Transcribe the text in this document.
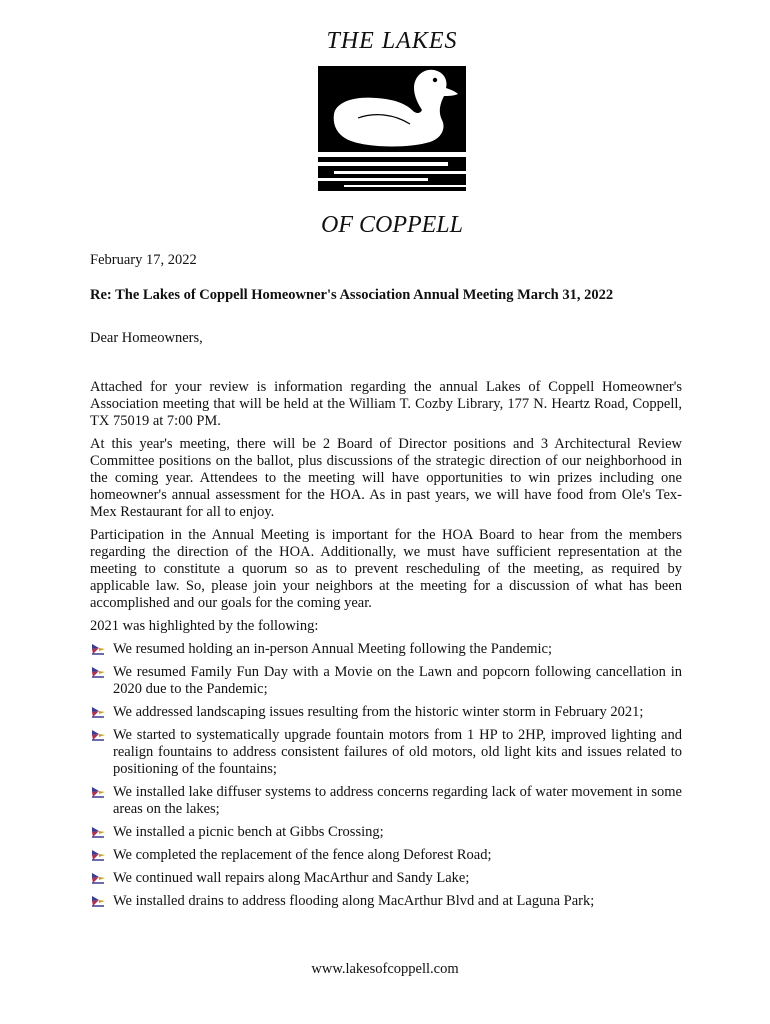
THE LAKES
OF COPPELL
February 17, 2022
Re: The Lakes of Coppell Homeowner's Association Annual Meeting March 31, 2022
Dear Homeowners,

Attached for your review is information regarding the annual Lakes of Coppell Homeowner's Association meeting that will be held at the William T. Cozby Library, 177 N. Heartz Road, Coppell, TX 75019 at 7:00 PM.

At this year's meeting, there will be 2 Board of Director positions and 3 Architectural Review Committee positions on the ballot, plus discussions of the strategic direction of our neighborhood in the coming year. Attendees to the meeting will have opportunities to win prizes including one homeowner's annual assessment for the HOA. As in past years, we will have food from Ole's Tex-Mex Restaurant for all to enjoy.

Participation in the Annual Meeting is important for the HOA Board to hear from the members regarding the direction of the HOA. Additionally, we must have sufficient representation at the meeting to constitute a quorum so as to prevent rescheduling of the meeting, as required by applicable law. So, please join your neighbors at the meeting for a discussion of what has been accomplished and our goals for the coming year.

2021 was highlighted by the following:

We resumed holding an in-person Annual Meeting following the Pandemic;
We resumed Family Fun Day with a Movie on the Lawn and popcorn following cancellation in 2020 due to the Pandemic;
We addressed landscaping issues resulting from the historic winter storm in February 2021;
We started to systematically upgrade fountain motors from 1 HP to 2HP, improved lighting and realign fountains to address consistent failures of old motors, old light kits and issues related to positioning of the fountains;
We installed lake diffuser systems to address concerns regarding lack of water movement in some areas on the lakes;
We installed a picnic bench at Gibbs Crossing;
We completed the replacement of the fence along Deforest Road;
We continued wall repairs along MacArthur and Sandy Lake;
We installed drains to address flooding along MacArthur Blvd and at Laguna Park;
www.lakesofcoppell.com
